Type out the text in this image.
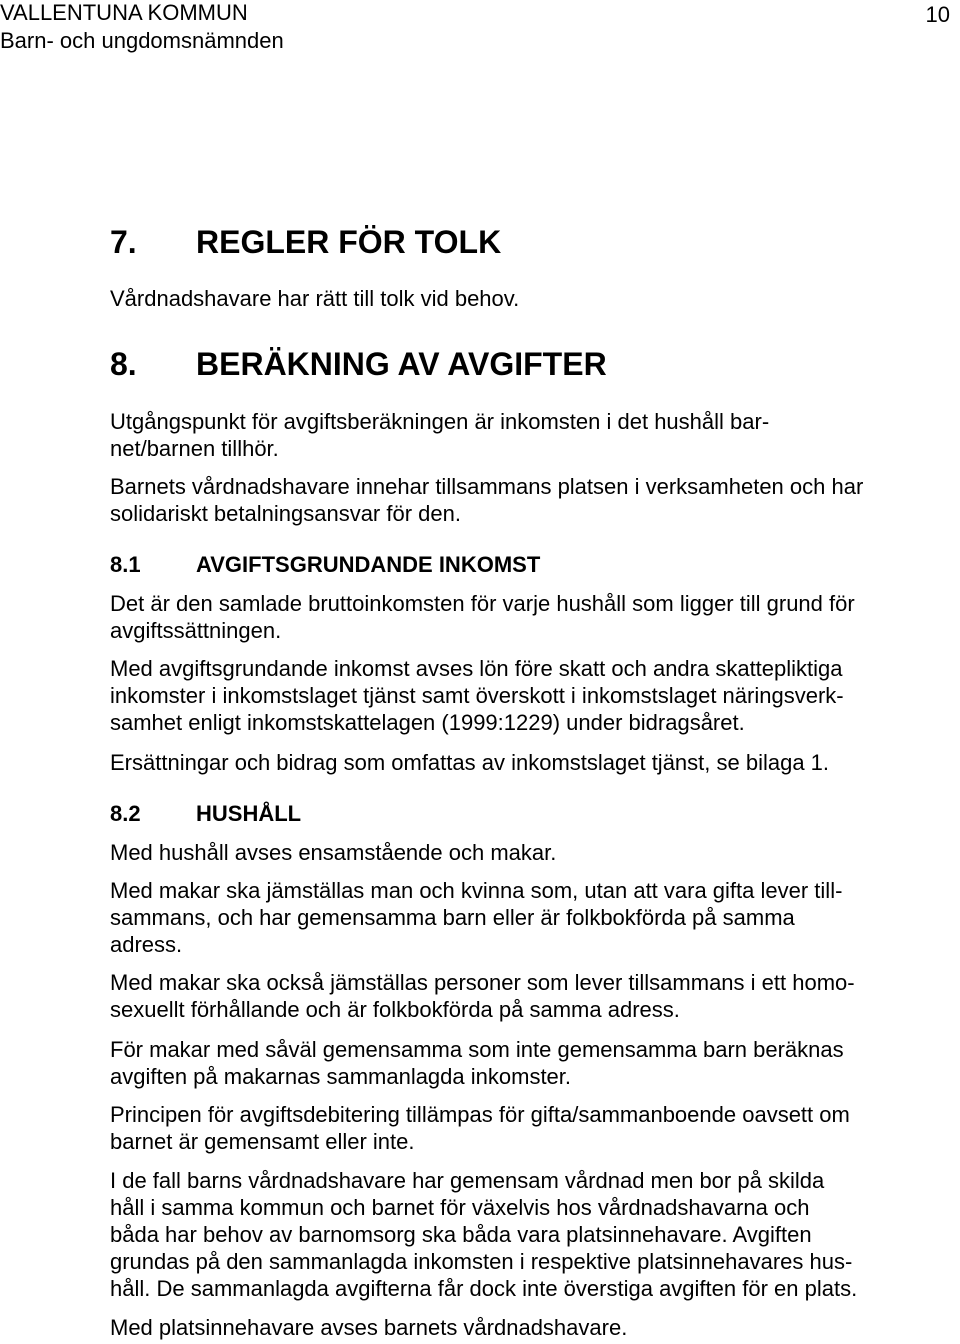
VALLENTUNA KOMMUN
Barn- och ungdomsnämnden
10
7. REGLER FÖR TOLK

Vårdnadshavare har rätt till tolk vid behov.

8. BERÄKNING AV AVGIFTER

Utgångspunkt för avgiftsberäkningen är inkomsten i det hushåll bar-
net/barnen tillhör.

Barnets vårdnadshavare innehar tillsammans platsen i verksamheten och har
solidariskt betalningsansvar för den.

8.1	AVGIFTSGRUNDANDE INKOMST

Det är den samlade bruttoinkomsten för varje hushåll som ligger till grund för
avgiftssättningen.

Med avgiftsgrundande inkomst avses lön före skatt och andra skattepliktiga
inkomster i inkomstslaget tjänst samt överskott i inkomstslaget näringsverk-
samhet enligt inkomstskattelagen (1999:1229) under bidragsåret.

Ersättningar och bidrag som omfattas av inkomstslaget tjänst, se bilaga 1.

8.2	HUSHÅLL

Med hushåll avses ensamstående och makar.

Med makar ska jämställas man och kvinna som, utan att vara gifta lever till-
sammans, och har gemensamma barn eller är folkbokförda på samma
adress.

Med makar ska också jämställas personer som lever tillsammans i ett homo-
sexuellt förhållande och är folkbokförda på samma adress.

För makar med såväl gemensamma som inte gemensamma barn beräknas
avgiften på makarnas sammanlagda inkomster.

Principen för avgiftsdebitering tillämpas för gifta/sammanboende oavsett om
barnet är gemensamt eller inte.

I de fall barns vårdnadshavare har gemensam vårdnad men bor på skilda
håll i samma kommun och barnet för växelvis hos vårdnadshavarna och
båda har behov av barnomsorg ska båda vara platsinnehavare. Avgiften
grundas på den sammanlagda inkomsten i respektive platsinnehavares hus-
håll. De sammanlagda avgifterna får dock inte överstiga avgiften för en plats.

Med platsinnehavare avses barnets vårdnadshavare.
